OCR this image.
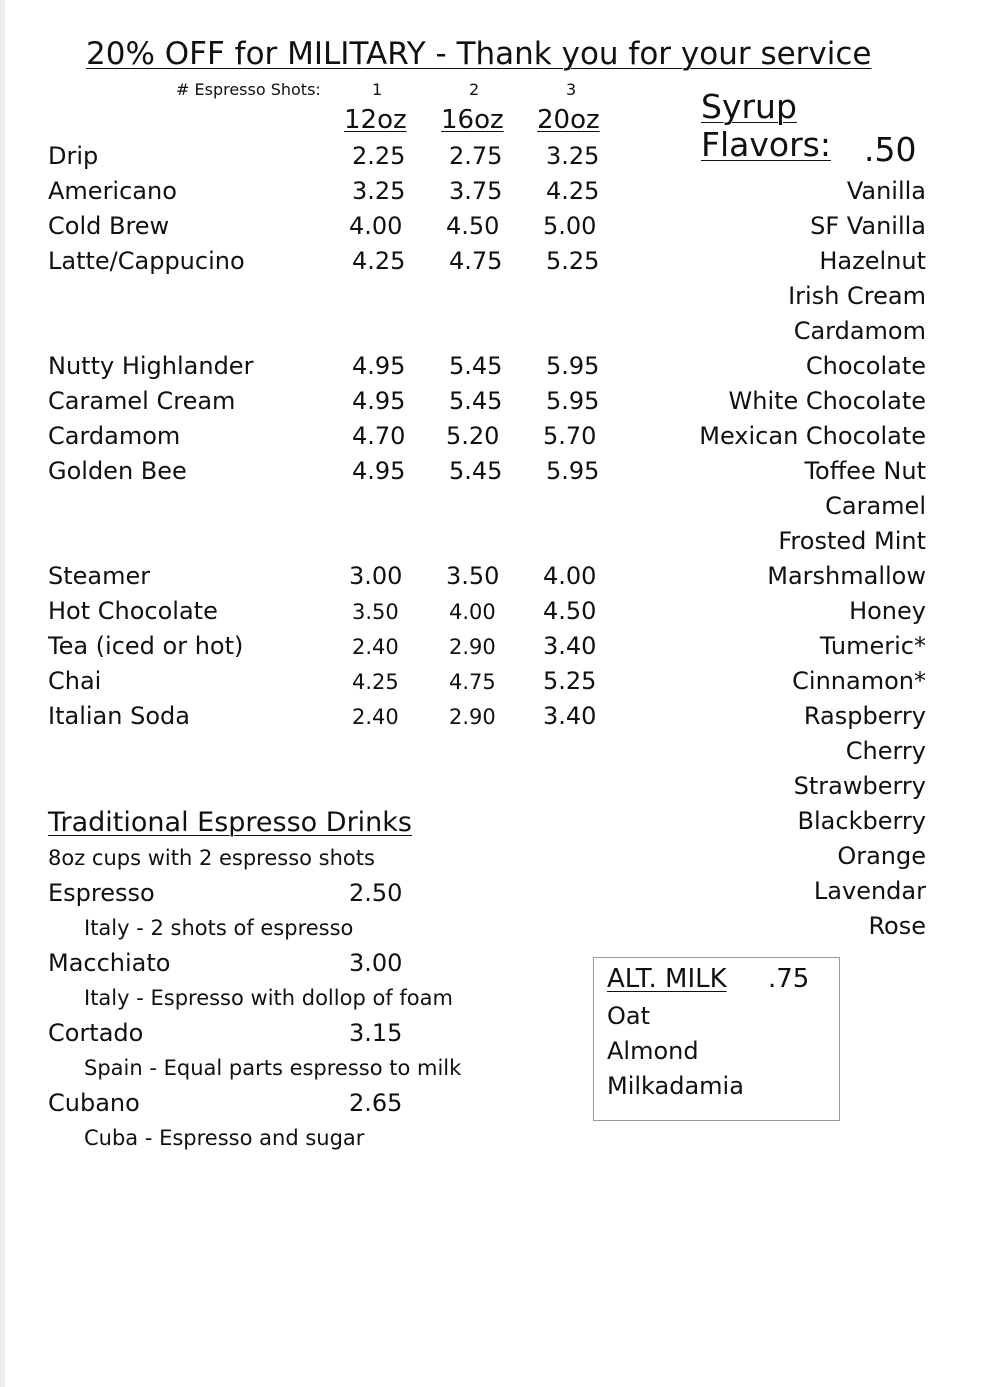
20% OFF for MILITARY - Thank you for your service
# Espresso Shots:	1	2	3
12oz 16oz 20oz
Drip	2.25 2.75 3.25
Americano	3.25 3.75 4.25
Cold Brew	4.00 4.50 5.00
Latte/Cappucino	4.25 4.75 5.25
Nutty Highlander	4.95 5.45 5.95
Caramel Cream	4.95 5.45 5.95
Cardamom	4.70 5.20 5.70
Golden Bee	4.95 5.45 5.95
Steamer	3.00 3.50 4.00
Hot Chocolate	3.50 4.00 4.50
Tea (iced or hot)	2.40 2.90 3.40
Chai	4.25 4.75 5.25
Italian Soda	2.40 2.90 3.40
Syrup
Flavors: .50
Vanilla
SF Vanilla
Hazelnut
Irish Cream
Cardamom
Chocolate
White Chocolate
Mexican Chocolate
Toffee Nut
Caramel
Frosted Mint
Marshmallow
Honey
Tumeric*
Cinnamon*
Raspberry
Cherry
Strawberry
Blackberry
Orange
Lavendar
Rose
Traditional Espresso Drinks
8oz cups with 2 espresso shots
Espresso	2.50
Italy - 2 shots of espresso
Macchiato	3.00
Italy - Espresso with dollop of foam
Cortado	3.15
Spain - Equal parts espresso to milk
Cubano	2.65
Cuba - Espresso and sugar
ALT. MILK .75
Oat
Almond
Milkadamia
